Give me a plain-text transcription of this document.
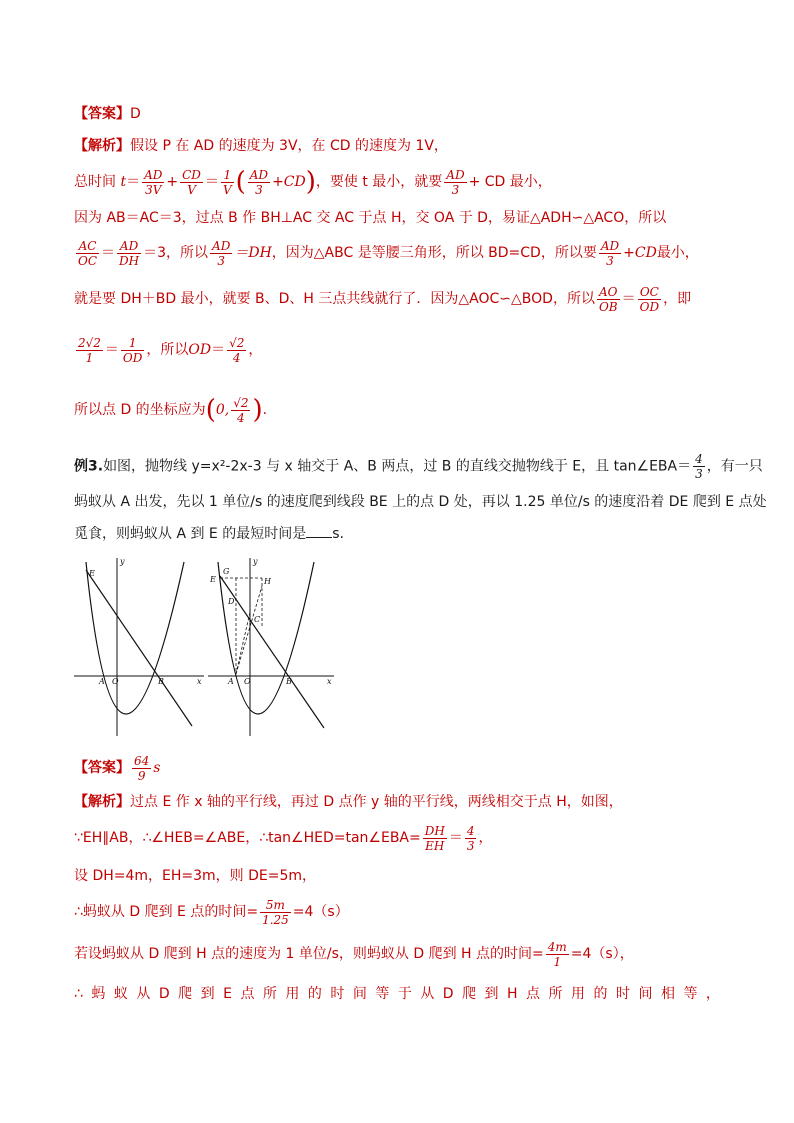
【答案】D
【解析】假设 P 在 AD 的速度为 3V，在 CD 的速度为 1V，
总时间 $t= \frac{AD}{3V} + \frac{CD}{V} = \frac{1}{V}$ ( $\frac{AD}{3} +CD$)，要使 t 最小，就要 $\frac{AD}{3}$ + CD 最小，
因为 AB＝AC＝3，过点 B 作 BH⊥AC 交 AC 于点 H，交 OA 于 D，易证△ADH∽△ACO，所以
$\frac{AC}{OC} = \frac{AD}{DH} =3$，所以 $\frac{AD}{3} =DH$，因为△ABC 是等腰三角形，所以 BD=CD，所以要 $\frac{AD}{3} +CD$最小，
就是要 DH＋BD 最小，就要 B、D、H 三点共线就行了．因为△AOC∽△BOD，所以 $\frac{AO}{OB} = \frac{OC}{OD}$ ，即
$\frac{2√2}{1} = \frac{1}{OD}$ ，所以$OD= \frac{√2}{4}$ ，
所以点 D 的坐标应为(0, $\frac{√2}{4}$ ).
例3.如图，抛物线 y=x²-2x-3 与 x 轴交于 A、B 两点，过 B 的直线交抛物线于 E，且 tan∠EBA＝ $\frac{4}{3}$ ，有一只
蚂蚁从 A 出发，先以 1 单位/s 的速度爬到线段 BE 上的点 D 处，再以 1.25 单位/s 的速度沿着 DE 爬到 E 点处
觅食，则蚂蚁从 A 到 E 的最短时间是 s.
E
A O	B	x
y
E
G
H
D'
C
A O	B	x
y
【答案】 $\frac{64}{9}$ s
【解析】过点 E 作 x 轴的平行线，再过 D 点作 y 轴的平行线，两线相交于点 H，如图，
∵EH∥AB，∴∠HEB=∠ABE，∴tan∠HED=tan∠EBA= $\frac{DH}{EH} = \frac{4}{3}$ ，
设 DH=4m，EH=3m，则 DE=5m，
∴蚂蚁从 D 爬到 E 点的时间= $\frac{5m}{1.25} =4(s)$
若设蚂蚁从 D 爬到 H 点的速度为 1 单位/s，则蚂蚁从 D 爬到 H 点的时间= $\frac{4m}{1} =4(s)$，
∴ 蚂 蚁 从 D 爬 到 E 点 所 用 的 时 间 等 于 从 D 爬 到 H 点 所 用 的 时 间 相 等 ，
